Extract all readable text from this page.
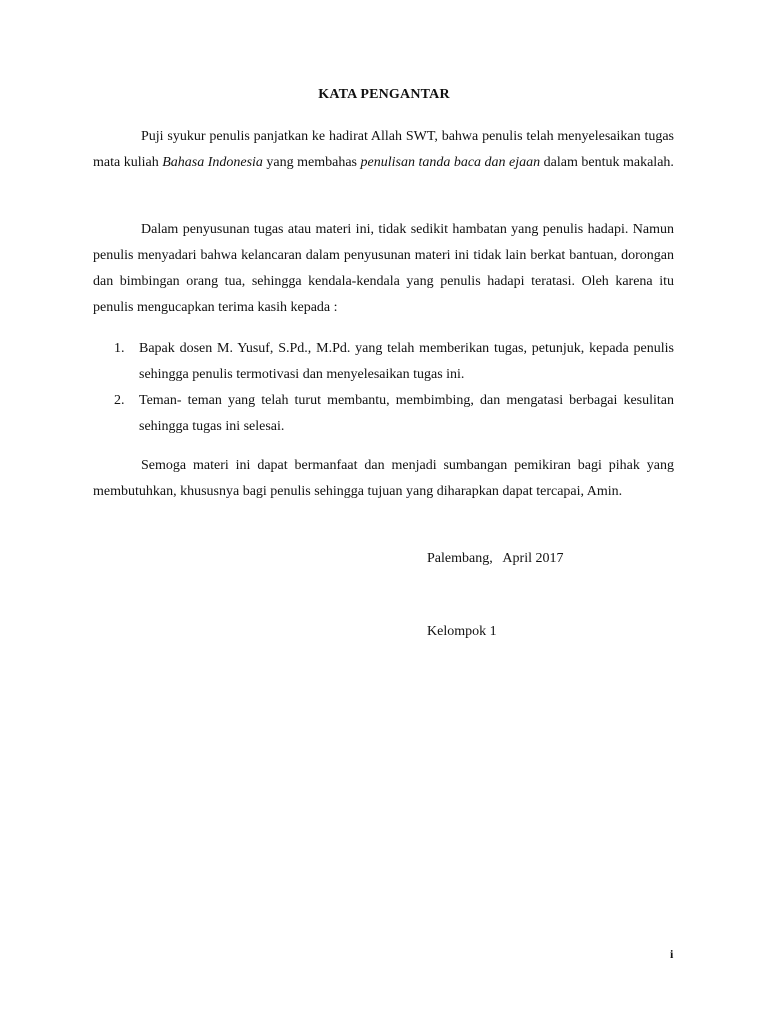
KATA PENGANTAR

Puji syukur penulis panjatkan ke hadirat Allah SWT, bahwa penulis telah menyelesaikan tugas mata kuliah Bahasa Indonesia yang membahas penulisan tanda baca dan ejaan dalam bentuk makalah.

Dalam penyusunan tugas atau materi ini, tidak sedikit hambatan yang penulis hadapi. Namun penulis menyadari bahwa kelancaran dalam penyusunan materi ini tidak lain berkat bantuan, dorongan dan bimbingan orang tua, sehingga kendala-kendala yang penulis hadapi teratasi. Oleh karena itu penulis mengucapkan terima kasih kepada :

1. Bapak dosen M. Yusuf, S.Pd., M.Pd. yang telah memberikan tugas, petunjuk, kepada penulis sehingga penulis termotivasi dan menyelesaikan tugas ini.
2. Teman- teman yang telah turut membantu, membimbing, dan mengatasi berbagai kesulitan sehingga tugas ini selesai.

Semoga materi ini dapat bermanfaat dan menjadi sumbangan pemikiran bagi pihak yang membutuhkan, khususnya bagi penulis sehingga tujuan yang diharapkan dapat tercapai, Amin.

Palembang,   April 2017
Kelompok 1
i
